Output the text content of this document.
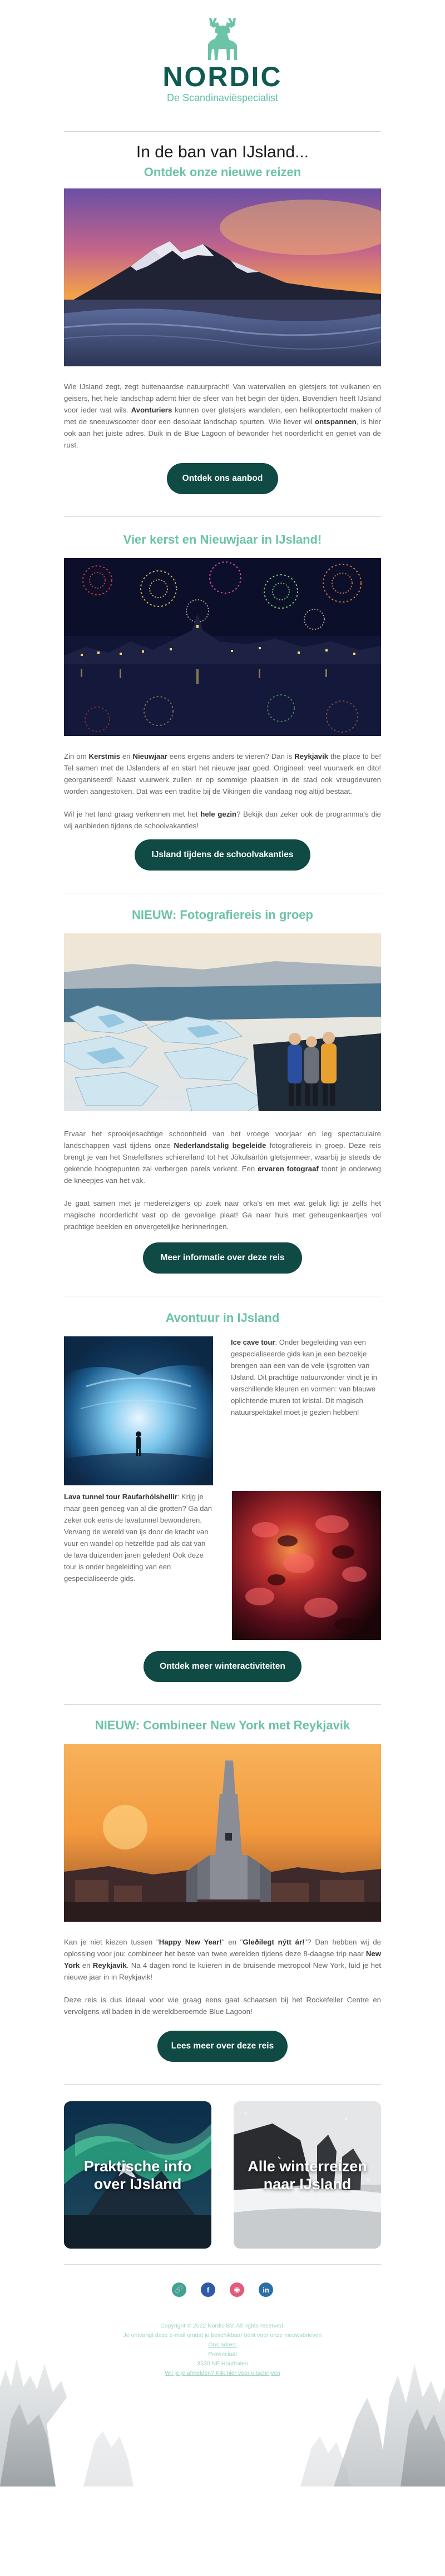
NORDIC
De Scandinaviëspecialist
In de ban van IJsland...
Ontdek onze nieuwe reizen

Wie IJsland zegt, zegt buitenaardse natuurpracht! Van watervallen en gletsjers tot vulkanen en geisers, het hele landschap ademt hier de sfeer van het begin der tijden. Bovendien heeft IJsland voor ieder wat wils. Avonturiers kunnen over gletsjers wandelen, een helikoptertocht maken of met de sneeuwscooter door een desolaat landschap spurten. Wie liever wil ontspannen, is hier ook aan het juiste adres. Duik in de Blue Lagoon of bewonder het noorderlicht en geniet van de rust.

Ontdek ons aanbod
Vier kerst en Nieuwjaar in IJsland!

Zin om Kerstmis en Nieuwjaar eens ergens anders te vieren? Dan is Reykjavik the place to be! Tel samen met de IJslanders af en start het nieuwe jaar goed. Origineel: veel vuurwerk en dito! georganiseerd! Naast vuurwerk zullen er op sommige plaatsen in de stad ook vreugdevuren worden aangestoken. Dat was een traditie bij de Vikingen die vandaag nog altijd bestaat.

Wil je het land graag verkennen met het hele gezin? Bekijk dan zeker ook de programma's die wij aanbieden tijdens de schoolvakanties!

IJsland tijdens de schoolvakanties
NIEUW: Fotografiereis in groep

Ervaar het sprookjesachtige schoonheid van het vroege voorjaar en leg spectaculaire landschappen vast tijdens onze Nederlandstalig begeleide fotografiereis in groep. Deze reis brengt je van het Snæfellsnes schiereiland tot het Jökulsárlón gletsjermeer, waarbij je steeds de gekende hoogtepunten zal verbergen parels verkent. Een ervaren fotograaf toont je onderweg de kneepjes van het vak.

Je gaat samen met je medereizigers op zoek naar orka's en met wat geluk ligt je zelfs het magische noorderlicht vast op de gevoelige plaat! Ga naar huis met geheugenkaartjes vol prachtige beelden en onvergetelijke herinneringen.

Meer informatie over deze reis
Avontuur in IJsland
Ice cave tour: Onder begeleiding van een gespecialiseerde gids kan je een bezoekje brengen aan een van de vele ijsgrotten van IJsland. Dit prachtige natuurwonder vindt je in verschillende kleuren en vormen: van blauwe oplichtende muren tot kristal. Dit magisch natuurspektakel moet je gezien hebben!
Lava tunnel tour Raufarhólshellir: Krijg je maar geen genoeg van al die grotten? Ga dan zeker ook eens de lavatunnel bewonderen. Vervang de wereld van ijs door de kracht van vuur en wandel op hetzelfde pad als dat van de lava duizenden jaren geleden! Ook deze tour is onder begeleiding van een gespecialiseerde gids.
Ontdek meer winteractiviteiten
NIEUW: Combineer New York met Reykjavik

Kan je niet kiezen tussen "Happy New Year!" en "Gleðilegt nýtt ár!"? Dan hebben wij de oplossing voor jou: combineer het beste van twee werelden tijdens deze 8-daagse trip naar New York en Reykjavik. Na 4 dagen rond te kuieren in de bruisende metropool New York, luid je het nieuwe jaar in in Reykjavik!

Deze reis is dus ideaal voor wie graag eens gaat schaatsen bij het Rockefeller Centre en vervolgens wil baden in de wereldberoemde Blue Lagoon!

Lees meer over deze reis
Praktische info over IJsland
Alle winterreizen naar IJsland
🔗	f	◉	in
Copyright © 2022 Nordic BV, All rights reserved.
Je ontvangt deze e-mail omdat je beschikbaar bent voor onze nieuwsbrieven
Ons adres:
Provinciaal
3530 NP Houthalen
Wil je je afmelden? Klik hier voor uitschrijven
